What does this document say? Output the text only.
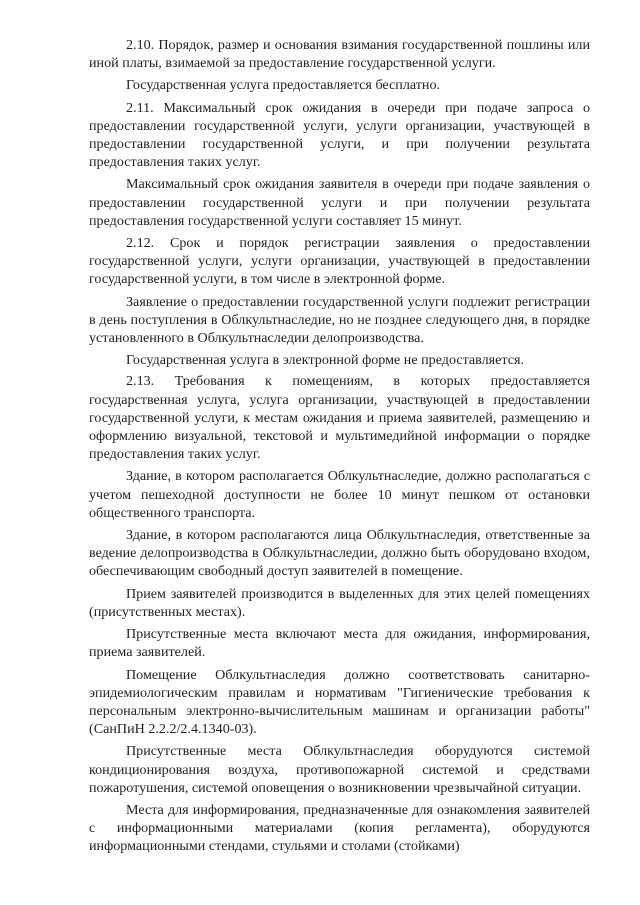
2.10. Порядок, размер и основания взимания государственной пошлины или иной платы, взимаемой за предоставление государственной услуги.

Государственная услуга предоставляется бесплатно.

2.11. Максимальный срок ожидания в очереди при подаче запроса о предоставлении государственной услуги, услуги организации, участвующей в предоставлении государственной услуги, и при получении результата предоставления таких услуг.

Максимальный срок ожидания заявителя в очереди при подаче заявления о предоставлении государственной услуги и при получении результата предоставления государственной услуги составляет 15 минут.

2.12. Срок и порядок регистрации заявления о предоставлении государственной услуги, услуги организации, участвующей в предоставлении государственной услуги, в том числе в электронной форме.

Заявление о предоставлении государственной услуги подлежит регистрации в день поступления в Облкультнаследие, но не позднее следующего дня, в порядке установленного в Облкультнаследии делопроизводства.

Государственная услуга в электронной форме не предоставляется.

2.13. Требования к помещениям, в которых предоставляется государственная услуга, услуга организации, участвующей в предоставлении государственной услуги, к местам ожидания и приема заявителей, размещению и оформлению визуальной, текстовой и мультимедийной информации о порядке предоставления таких услуг.

Здание, в котором располагается Облкультнаследие, должно располагаться с учетом пешеходной доступности не более 10 минут пешком от остановки общественного транспорта.

Здание, в котором располагаются лица Облкультнаследия, ответственные за ведение делопроизводства в Облкультнаследии, должно быть оборудовано входом, обеспечивающим свободный доступ заявителей в помещение.

Прием заявителей производится в выделенных для этих целей помещениях (присутственных местах).

Присутственные места включают места для ожидания, информирования, приема заявителей.

Помещение Облкультнаследия должно соответствовать санитарно-эпидемиологическим правилам и нормативам "Гигиенические требования к персональным электронно-вычислительным машинам и организации работы" (СанПиН 2.2.2/2.4.1340-03).

Присутственные места Облкультнаследия оборудуются системой кондиционирования воздуха, противопожарной системой и средствами пожаротушения, системой оповещения о возникновении чрезвычайной ситуации.

Места для информирования, предназначенные для ознакомления заявителей с информационными материалами (копия регламента), оборудуются информационными стендами, стульями и столами (стойками)
